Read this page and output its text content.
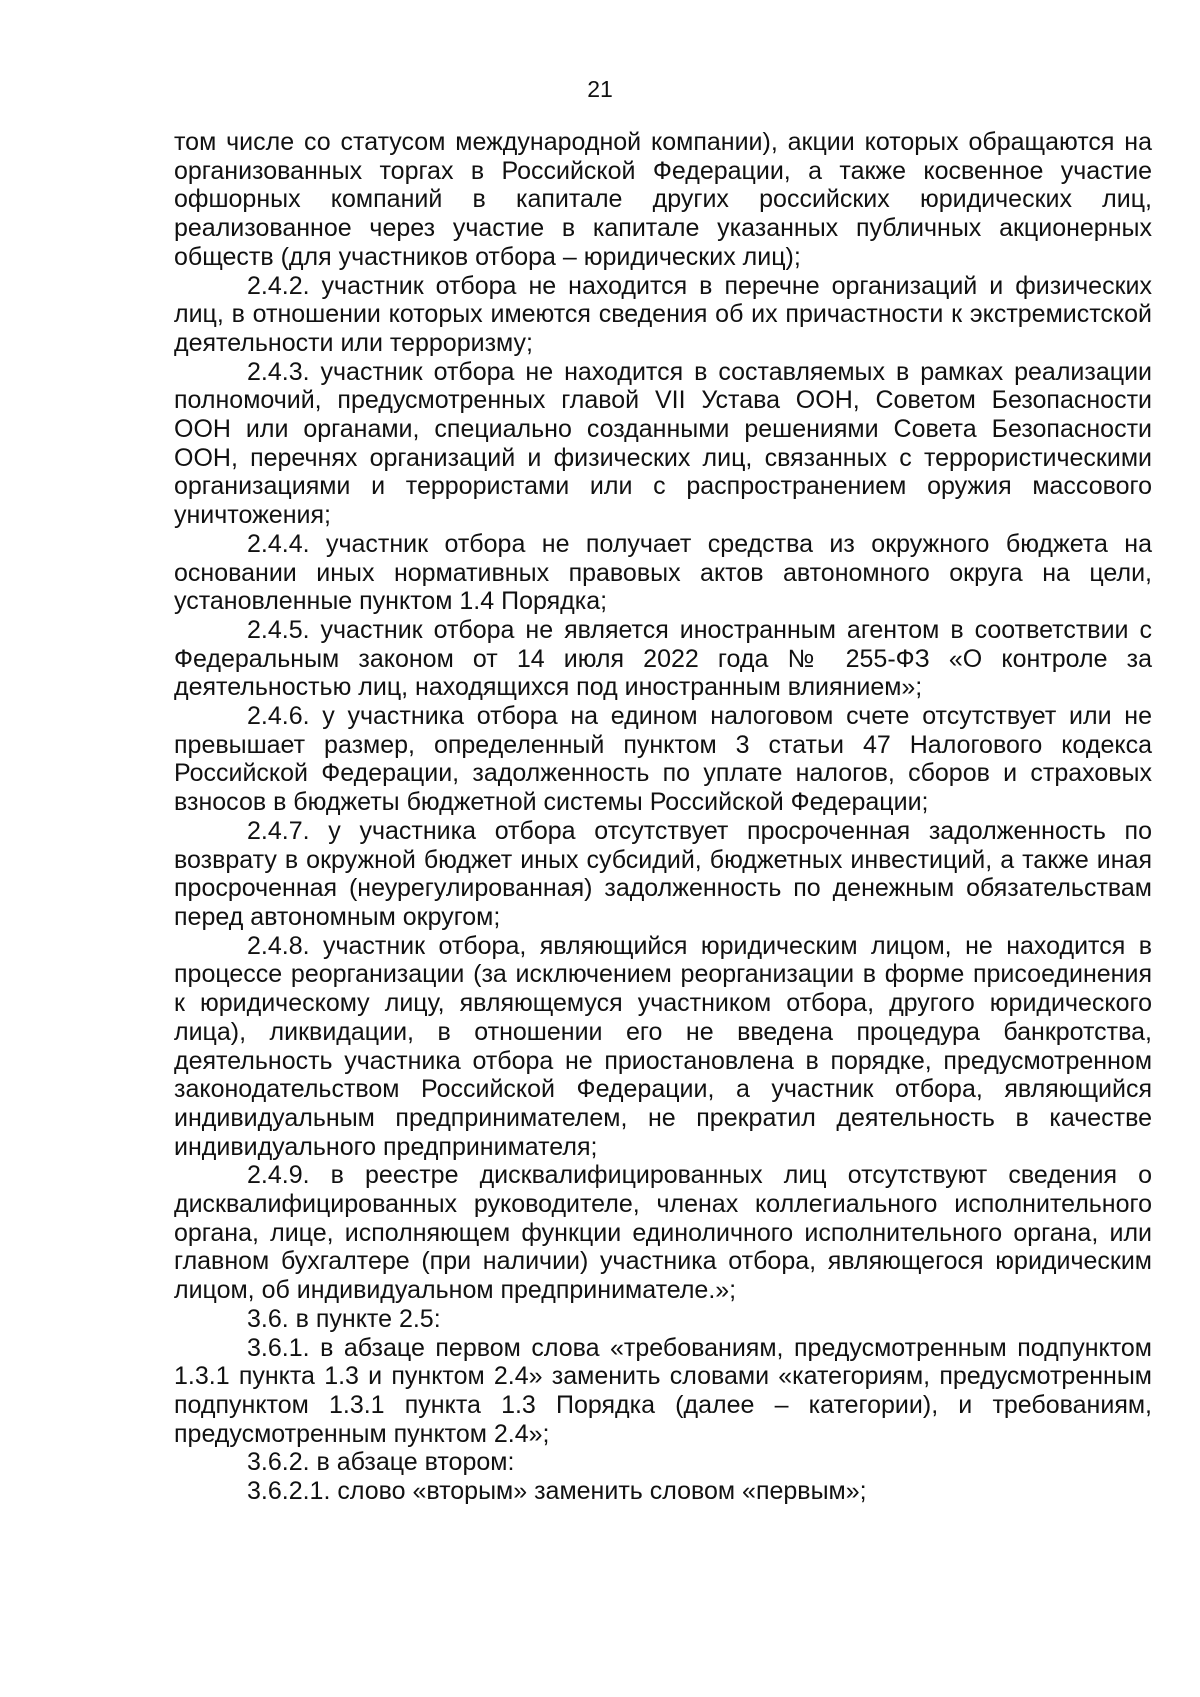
21

том числе со статусом международной компании), акции которых обращаются на организованных торгах в Российской Федерации, а также косвенное участие офшорных компаний в капитале других российских юридических лиц, реализованное через участие в капитале указанных публичных акционерных обществ (для участников отбора – юридических лиц);

2.4.2. участник отбора не находится в перечне организаций и физических лиц, в отношении которых имеются сведения об их причастности к экстремистской деятельности или терроризму;

2.4.3. участник отбора не находится в составляемых в рамках реализации полномочий, предусмотренных главой VII Устава ООН, Советом Безопасности ООН или органами, специально созданными решениями Совета Безопасности ООН, перечнях организаций и физических лиц, связанных с террористическими организациями и террористами или с распространением оружия массового уничтожения;

2.4.4. участник отбора не получает средства из окружного бюджета на основании иных нормативных правовых актов автономного округа на цели, установленные пунктом 1.4 Порядка;

2.4.5. участник отбора не является иностранным агентом в соответствии с Федеральным законом от 14 июля 2022 года № 255-ФЗ «О контроле за деятельностью лиц, находящихся под иностранным влиянием»;

2.4.6. у участника отбора на едином налоговом счете отсутствует или не превышает размер, определенный пунктом 3 статьи 47 Налогового кодекса Российской Федерации, задолженность по уплате налогов, сборов и страховых взносов в бюджеты бюджетной системы Российской Федерации;

2.4.7. у участника отбора отсутствует просроченная задолженность по возврату в окружной бюджет иных субсидий, бюджетных инвестиций, а также иная просроченная (неурегулированная) задолженность по денежным обязательствам перед автономным округом;

2.4.8. участник отбора, являющийся юридическим лицом, не находится в процессе реорганизации (за исключением реорганизации в форме присоединения к юридическому лицу, являющемуся участником отбора, другого юридического лица), ликвидации, в отношении его не введена процедура банкротства, деятельность участника отбора не приостановлена в порядке, предусмотренном законодательством Российской Федерации, а участник отбора, являющийся индивидуальным предпринимателем, не прекратил деятельность в качестве индивидуального предпринимателя;

2.4.9. в реестре дисквалифицированных лиц отсутствуют сведения о дисквалифицированных руководителе, членах коллегиального исполнительного органа, лице, исполняющем функции единоличного исполнительного органа, или главном бухгалтере (при наличии) участника отбора, являющегося юридическим лицом, об индивидуальном предпринимателе.»;

3.6. в пункте 2.5:

3.6.1. в абзаце первом слова «требованиям, предусмотренным подпунктом 1.3.1 пункта 1.3 и пунктом 2.4» заменить словами «категориям, предусмотренным подпунктом 1.3.1 пункта 1.3 Порядка (далее – категории), и требованиям, предусмотренным пунктом 2.4»;

3.6.2. в абзаце втором:

3.6.2.1. слово «вторым» заменить словом «первым»;
